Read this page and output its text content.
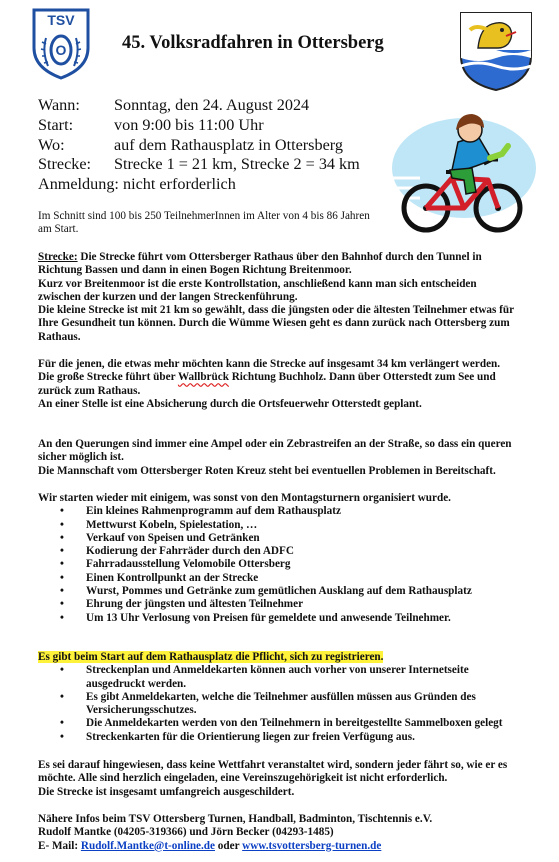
TSV
O	45. Volksradfahren in Ottersberg
Wann: Sonntag, den 24. August 2024
Start:	von 9:00 bis 11:00 Uhr
Wo:	auf dem Rathausplatz in Ottersberg
Strecke: Strecke 1 = 21 km, Strecke 2 = 34 km
Anmeldung: nicht erforderlich
Im Schnitt sind 100 bis 250 TeilnehmerInnen im Alter von 4 bis 86 Jahren am Start.

Strecke: Die Strecke führt vom Ottersberger Rathaus über den Bahnhof durch den Tunnel in Richtung Bassen und dann in einen Bogen Richtung Breitenmoor.

Kurz vor Breitenmoor ist die erste Kontrollstation, anschließend kann man sich entscheiden zwischen der kurzen und der langen Streckenführung.

Die kleine Strecke ist mit 21 km so gewählt, dass die jüngsten oder die ältesten Teilnehmer etwas für Ihre Gesundheit tun können. Durch die Wümme Wiesen geht es dann zurück nach Ottersberg zum Rathaus.

Für die jenen, die etwas mehr möchten kann die Strecke auf insgesamt 34 km verlängert werden.

Die große Strecke führt über Wallbrück Richtung Buchholz. Dann über Otterstedt zum See und zurück zum Rathaus.

An einer Stelle ist eine Absicherung durch die Ortsfeuerwehr Otterstedt geplant.

An den Querungen sind immer eine Ampel oder ein Zebrastreifen an der Straße, so dass ein queren sicher möglich ist.

Die Mannschaft vom Ottersberger Roten Kreuz steht bei eventuellen Problemen in Bereitschaft.

Wir starten wieder mit einigem, was sonst von den Montagsturnern organisiert wurde.

• Ein kleines Rahmenprogramm auf dem Rathausplatz
• Mettwurst Kobeln, Spielestation, …
• Verkauf von Speisen und Getränken
• Kodierung der Fahrräder durch den ADFC
• Fahrradausstellung Velomobile Ottersberg
• Einen Kontrollpunkt an der Strecke
• Wurst, Pommes und Getränke zum gemütlichen Ausklang auf dem Rathausplatz
• Ehrung der jüngsten und ältesten Teilnehmer
• Um 13 Uhr Verlosung von Preisen für gemeldete und anwesende Teilnehmer.

Es gibt beim Start auf dem Rathausplatz die Pflicht, sich zu registrieren.

• Streckenplan und Anmeldekarten können auch vorher von unserer Internetseite ausgedruckt werden.
• Es gibt Anmeldekarten, welche die Teilnehmer ausfüllen müssen aus Gründen des Versicherungsschutzes.
• Die Anmeldekarten werden von den Teilnehmern in bereitgestellte Sammelboxen gelegt
• Streckenkarten für die Orientierung liegen zur freien Verfügung aus.

Es sei darauf hingewiesen, dass keine Wettfahrt veranstaltet wird, sondern jeder fährt so, wie er es möchte. Alle sind herzlich eingeladen, eine Vereinszugehörigkeit ist nicht erforderlich.

Die Strecke ist insgesamt umfangreich ausgeschildert.

Nähere Infos beim TSV Ottersberg Turnen, Handball, Badminton, Tischtennis e.V.

Rudolf Mantke (04205-319366) und Jörn Becker (04293-1485)

E- Mail: Rudolf.Mantke@t-online.de oder www.tsvottersberg-turnen.de
